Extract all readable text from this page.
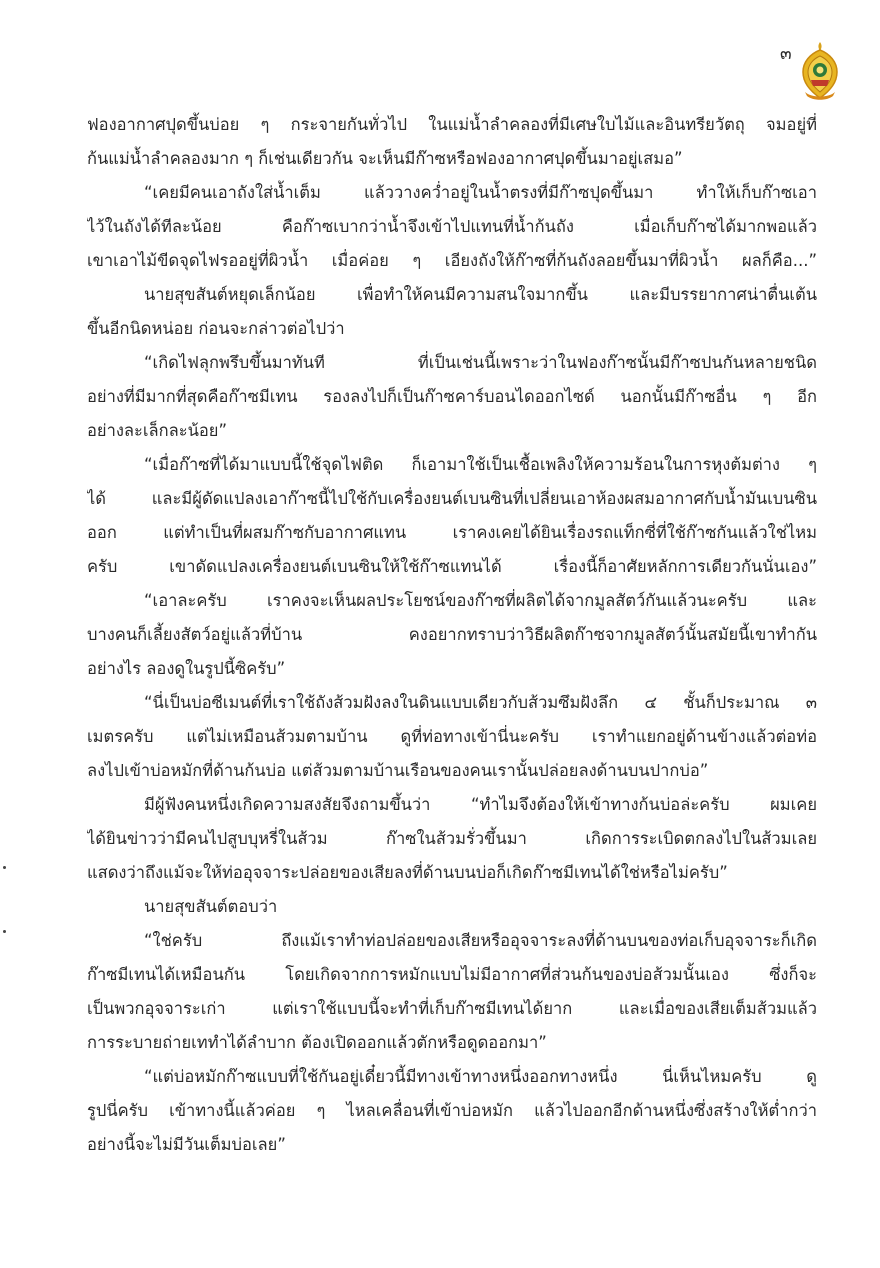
๓
ฟองอากาศปุดขึ้นบ่อย ๆ กระจายกันทั่วไป ในแม่น้ำลำคลองที่มีเศษใบไม้และอินทรียวัตถุ จมอยู่ที่
ก้นแม่น้ำลำคลองมาก ๆ ก็เช่นเดียวกัน จะเห็นมีก๊าซหรือฟองอากาศปุดขึ้นมาอยู่เสมอ”
“เคยมีคนเอาถังใส่น้ำเต็ม แล้ววางคว่ำอยู่ในน้ำตรงที่มีก๊าซปุดขึ้นมา ทำให้เก็บก๊าซเอา
ไว้ในถังได้ทีละน้อย คือก๊าซเบากว่าน้ำจึงเข้าไปแทนที่น้ำก้นถัง เมื่อเก็บก๊าซได้มากพอแล้ว
เขาเอาไม้ขีดจุดไฟรออยู่ที่ผิวน้ำ เมื่อค่อย ๆ เอียงถังให้ก๊าซที่ก้นถังลอยขึ้นมาที่ผิวน้ำ ผลก็คือ...”
นายสุขสันต์หยุดเล็กน้อย เพื่อทำให้คนมีความสนใจมากขึ้น และมีบรรยากาศน่าตื่นเต้น
ขึ้นอีกนิดหน่อย ก่อนจะกล่าวต่อไปว่า
“เกิดไฟลุกพรึบขึ้นมาทันที ที่เป็นเช่นนี้เพราะว่าในฟองก๊าซนั้นมีก๊าซปนกันหลายชนิด
อย่างที่มีมากที่สุดคือก๊าซมีเทน รองลงไปก็เป็นก๊าซคาร์บอนไดออกไซด์ นอกนั้นมีก๊าซอื่น ๆ อีก
อย่างละเล็กละน้อย”
“เมื่อก๊าซที่ได้มาแบบนี้ใช้จุดไฟติด ก็เอามาใช้เป็นเชื้อเพลิงให้ความร้อนในการหุงต้มต่าง ๆ
ได้ และมีผู้ดัดแปลงเอาก๊าซนี้ไปใช้กับเครื่องยนต์เบนซินที่เปลี่ยนเอาห้องผสมอากาศกับน้ำมันเบนซิน
ออก แต่ทำเป็นที่ผสมก๊าซกับอากาศแทน เราคงเคยได้ยินเรื่องรถแท็กซี่ที่ใช้ก๊าซกันแล้วใช่ไหม
ครับ เขาดัดแปลงเครื่องยนต์เบนซินให้ใช้ก๊าซแทนได้ เรื่องนี้ก็อาศัยหลักการเดียวกันนั่นเอง”
“เอาละครับ เราคงจะเห็นผลประโยชน์ของก๊าซที่ผลิตได้จากมูลสัตว์กันแล้วนะครับ และ
บางคนก็เลี้ยงสัตว์อยู่แล้วที่บ้าน คงอยากทราบว่าวิธีผลิตก๊าซจากมูลสัตว์นั้นสมัยนี้เขาทำกัน
อย่างไร ลองดูในรูปนี้ซิครับ”
“นี่เป็นบ่อซีเมนต์ที่เราใช้ถังส้วมฝังลงในดินแบบเดียวกับส้วมซึมฝังลึก ๔ ชั้นก็ประมาณ ๓
เมตรครับ แต่ไม่เหมือนส้วมตามบ้าน ดูที่ท่อทางเข้านี่นะครับ เราทำแยกอยู่ด้านข้างแล้วต่อท่อ
ลงไปเข้าบ่อหมักที่ด้านก้นบ่อ แต่ส้วมตามบ้านเรือนของคนเรานั้นปล่อยลงด้านบนปากบ่อ”
มีผู้ฟังคนหนึ่งเกิดความสงสัยจึงถามขึ้นว่า “ทำไมจึงต้องให้เข้าทางก้นบ่อล่ะครับ ผมเคย
ได้ยินข่าวว่ามีคนไปสูบบุหรี่ในส้วม ก๊าซในส้วมรั่วขึ้นมา เกิดการระเบิดตกลงไปในส้วมเลย
แสดงว่าถึงแม้จะให้ท่ออุจจาระปล่อยของเสียลงที่ด้านบนบ่อก็เกิดก๊าซมีเทนได้ใช่หรือไม่ครับ”
นายสุขสันต์ตอบว่า
“ใช่ครับ ถึงแม้เราทำท่อปล่อยของเสียหรืออุจจาระลงที่ด้านบนของท่อเก็บอุจจาระก็เกิด
ก๊าซมีเทนได้เหมือนกัน โดยเกิดจากการหมักแบบไม่มีอากาศที่ส่วนก้นของบ่อส้วมนั้นเอง ซึ่งก็จะ
เป็นพวกอุจจาระเก่า แต่เราใช้แบบนี้จะทำที่เก็บก๊าซมีเทนได้ยาก และเมื่อของเสียเต็มส้วมแล้ว
การระบายถ่ายเททำได้ลำบาก ต้องเปิดออกแล้วตักหรือดูดออกมา”
“แต่บ่อหมักก๊าซแบบที่ใช้กันอยู่เดี๋ยวนี้มีทางเข้าทางหนึ่งออกทางหนึ่ง นี่เห็นไหมครับ ดู
รูปนี่ครับ เข้าทางนี้แล้วค่อย ๆ ไหลเคลื่อนที่เข้าบ่อหมัก แล้วไปออกอีกด้านหนึ่งซึ่งสร้างให้ต่ำกว่า
อย่างนี้จะไม่มีวันเต็มบ่อเลย”
